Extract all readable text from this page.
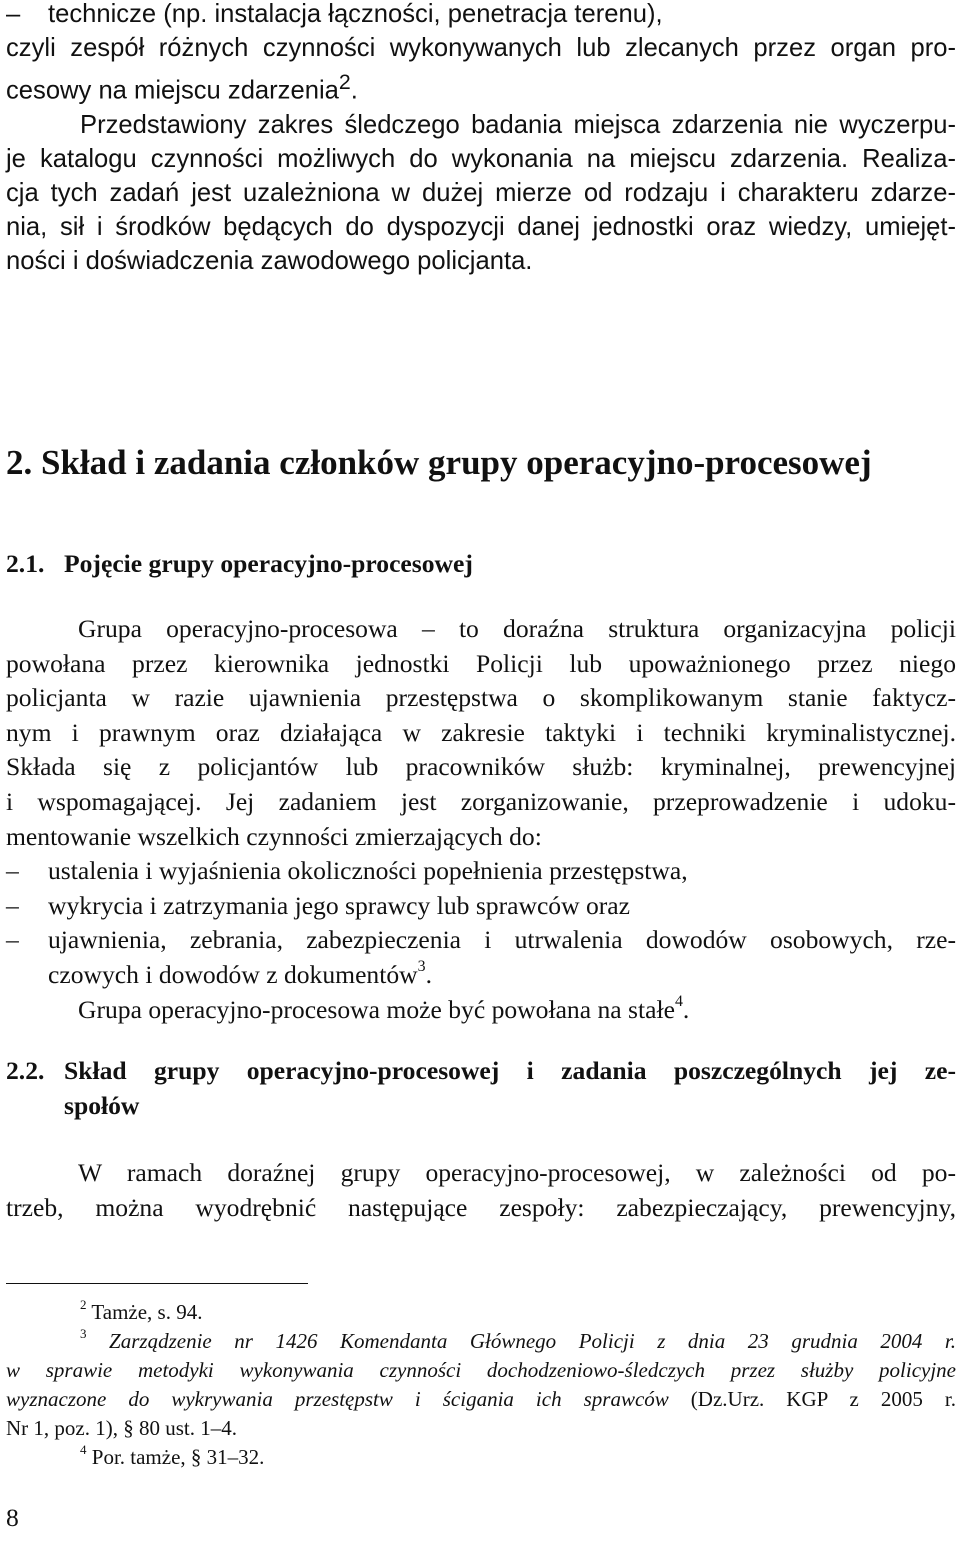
– technicze (np. instalacja łączności, penetracja terenu),
czyli zespół różnych czynności wykonywanych lub zlecanych przez organ pro-
cesowy na miejscu zdarzenia$^2$.
Przedstawiony zakres śledczego badania miejsca zdarzenia nie wyczerpu-
je katalogu czynności możliwych do wykonania na miejscu zdarzenia. Realiza-
cja tych zadań jest uzależniona w dużej mierze od rodzaju i charakteru zdarze-
nia, sił i środków będących do dyspozycji danej jednostki oraz wiedzy, umiejęt-
ności i doświadczenia zawodowego policjanta.
2. Skład i zadania członków grupy operacyjno-procesowej
2.1. Pojęcie grupy operacyjno-procesowej
Grupa operacyjno-procesowa – to doraźna struktura organizacyjna policji
powołana przez kierownika jednostki Policji lub upoważnionego przez niego
policjanta w razie ujawnienia przestępstwa o skomplikowanym stanie faktycz-
nym i prawnym oraz działająca w zakresie taktyki i techniki kryminalistycznej.
Składa się z policjantów lub pracowników służb: kryminalnej, prewencyjnej
i wspomagającej. Jej zadaniem jest zorganizowanie, przeprowadzenie i udoku-
mentowanie wszelkich czynności zmierzających do:
– ustalenia i wyjaśnienia okoliczności popełnienia przestępstwa,
– wykrycia i zatrzymania jego sprawcy lub sprawców oraz
– ujawnienia, zebrania, zabezpieczenia i utrwalenia dowodów osobowych, rze-
czowych i dowodów z dokumentów$^3$.
Grupa operacyjno-procesowa może być powołana na stałe$^4$.
2.2. Skład grupy operacyjno-procesowej i zadania poszczególnych jej ze-
społów
W ramach doraźnej grupy operacyjno-procesowej, w zależności od po-
trzeb, można wyodrębnić następujące zespoły: zabezpieczający, prewencyjny,
$^2$ Tamże, s. 94.
$^3$ Zarządzenie nr 1426 Komendanta Głównego Policji z dnia 23 grudnia 2004 r.
w sprawie metodyki wykonywania czynności dochodzeniowo-śledczych przez służby policyjne
wyznaczone do wykrywania przestępstw i ścigania ich sprawców (Dz.Urz. KGP z 2005 r.
Nr 1, poz. 1), § 80 ust. 1–4.
$^4$ Por. tamże, § 31–32.
8
